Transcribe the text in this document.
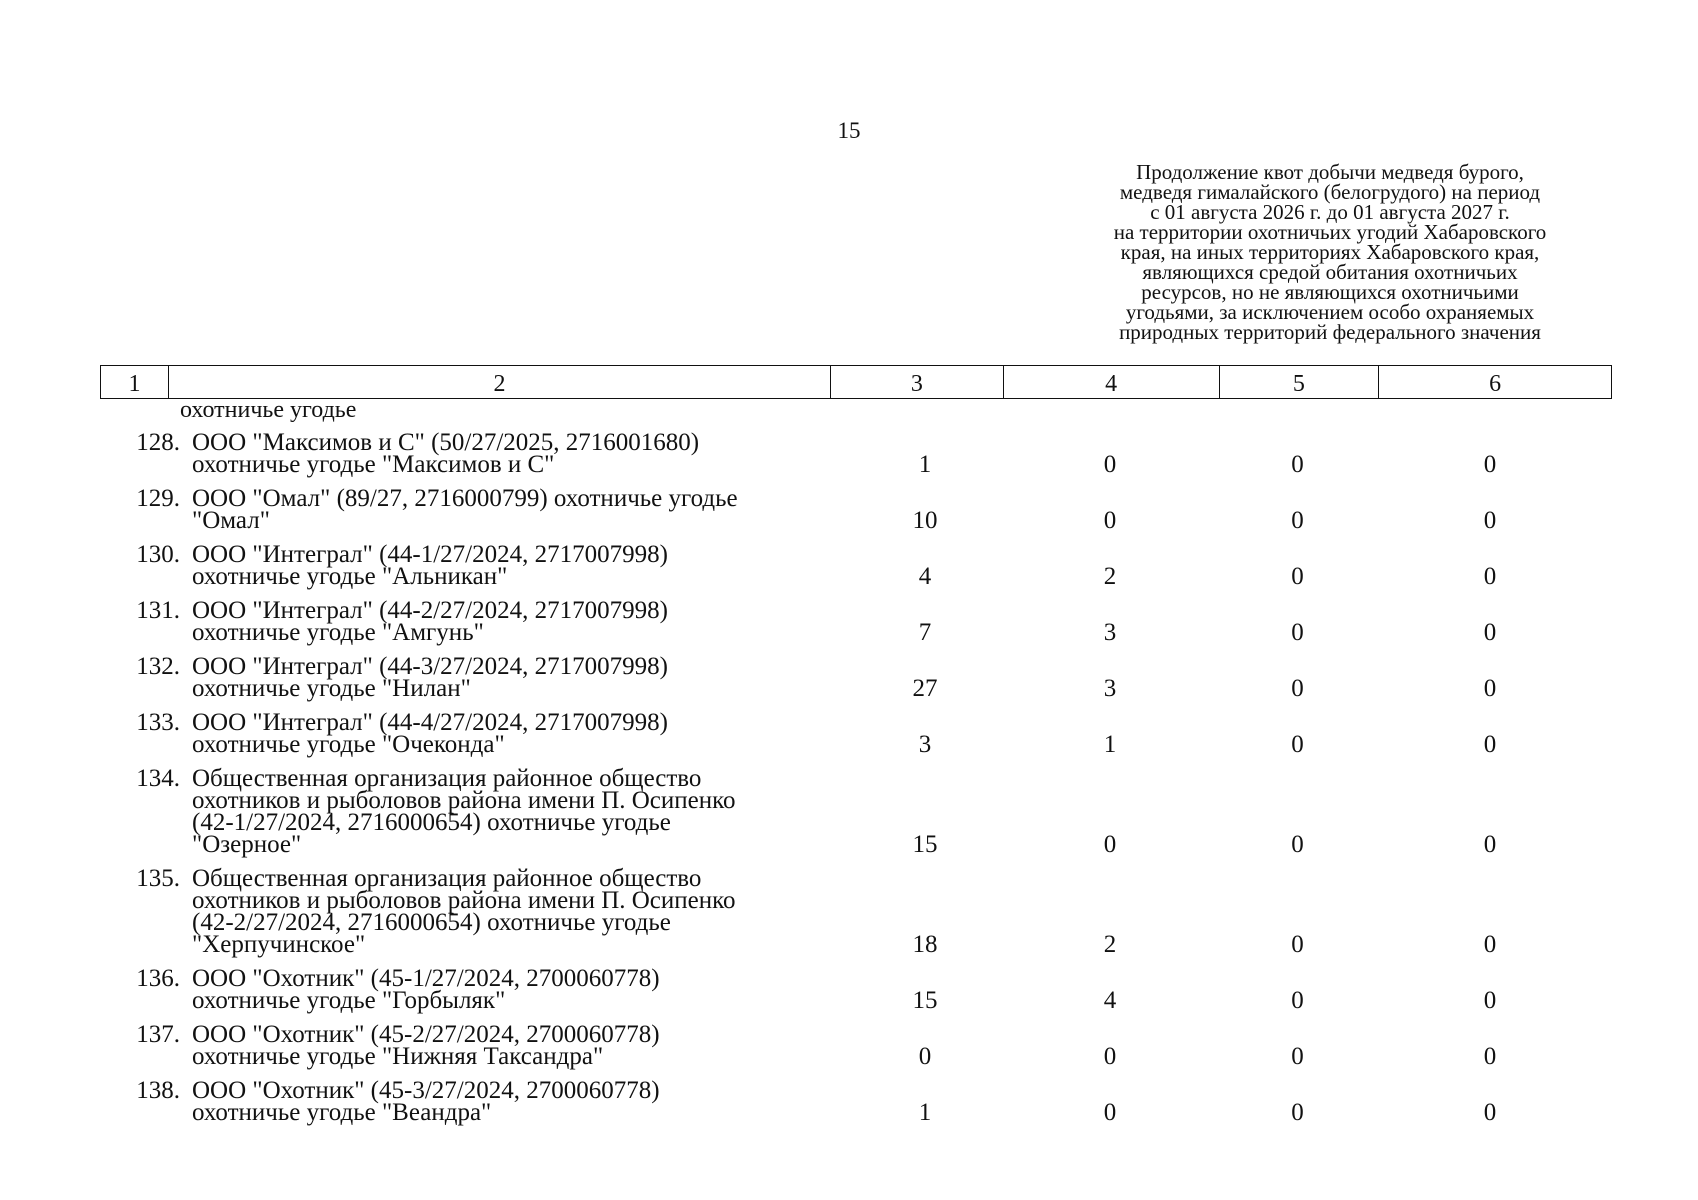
15
Продолжение квот добычи медведя бурого,
медведя гималайского (белогрудого) на период
с 01 августа 2026 г. до 01 августа 2027 г.
на территории охотничьих угодий Хабаровского
края, на иных территориях Хабаровского края,
являющихся средой обитания охотничьих
ресурсов, но не являющихся охотничьими
угодьями, за исключением особо охраняемых
природных территорий федерального значения
1	2	3	4	5	6
охотничье угодье
128. ООО "Максимов и С" (50/27/2025, 2716001680)
охотничье угодье "Максимов и С"	1	0	0	0
129. ООО "Омал" (89/27, 2716000799) охотничье угодье
"Омал"	10	0	0	0
130. ООО "Интеграл" (44-1/27/2024, 2717007998)
охотничье угодье "Альникан"	4	2	0	0
131. ООО "Интеграл" (44-2/27/2024, 2717007998)
охотничье угодье "Амгунь"	7	3	0	0
132. ООО "Интеграл" (44-3/27/2024, 2717007998)
охотничье угодье "Нилан"	27	3	0	0
133. ООО "Интеграл" (44-4/27/2024, 2717007998)
охотничье угодье "Очеконда"	3	1	0	0
134. Общественная организация районное общество
охотников и рыболовов района имени П. Осипенко
(42-1/27/2024, 2716000654) охотничье угодье
"Озерное"	15	0	0	0
135. Общественная организация районное общество
охотников и рыболовов района имени П. Осипенко
(42-2/27/2024, 2716000654) охотничье угодье
"Херпучинское"	18	2	0	0
136. ООО "Охотник" (45-1/27/2024, 2700060778)
охотничье угодье "Горбыляк"	15	4	0	0
137. ООО "Охотник" (45-2/27/2024, 2700060778)
охотничье угодье "Нижняя Таксандра"	0	0	0	0
138. ООО "Охотник" (45-3/27/2024, 2700060778)
охотничье угодье "Веандра"	1	0	0	0
